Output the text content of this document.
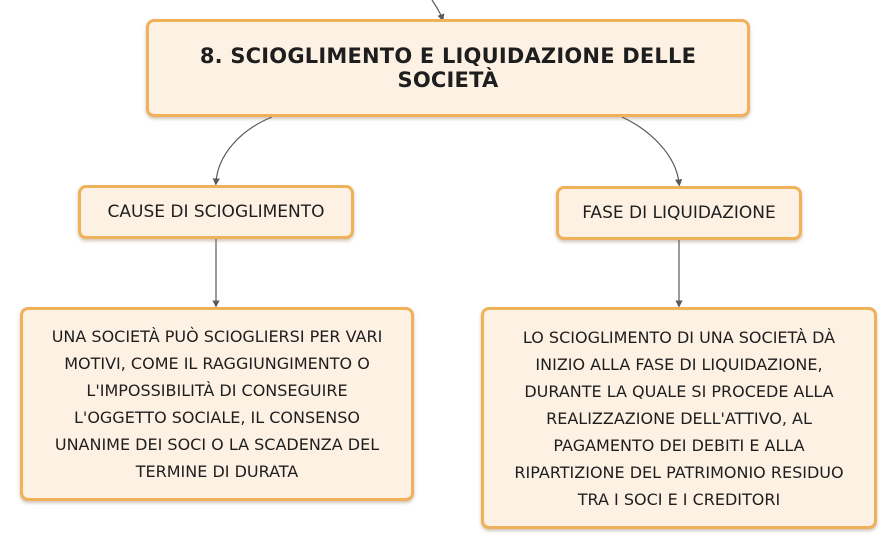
8. SCIOGLIMENTO E LIQUIDAZIONE DELLE SOCIETÀ
CAUSE DI SCIOGLIMENTO	FASE DI LIQUIDAZIONE
UNA SOCIETÀ PUÒ SCIOGLIERSI PER VARI MOTIVI, COME IL RAGGIUNGIMENTO O L'IMPOSSIBILITÀ DI CONSEGUIRE L'OGGETTO SOCIALE, IL CONSENSO UNANIME DEI SOCI O LA SCADENZA DEL TERMINE DI DURATA
LO SCIOGLIMENTO DI UNA SOCIETÀ DÀ INIZIO ALLA FASE DI LIQUIDAZIONE, DURANTE LA QUALE SI PROCEDE ALLA REALIZZAZIONE DELL'ATTIVO, AL PAGAMENTO DEI DEBITI E ALLA RIPARTIZIONE DEL PATRIMONIO RESIDUO TRA I SOCI E I CREDITORI
